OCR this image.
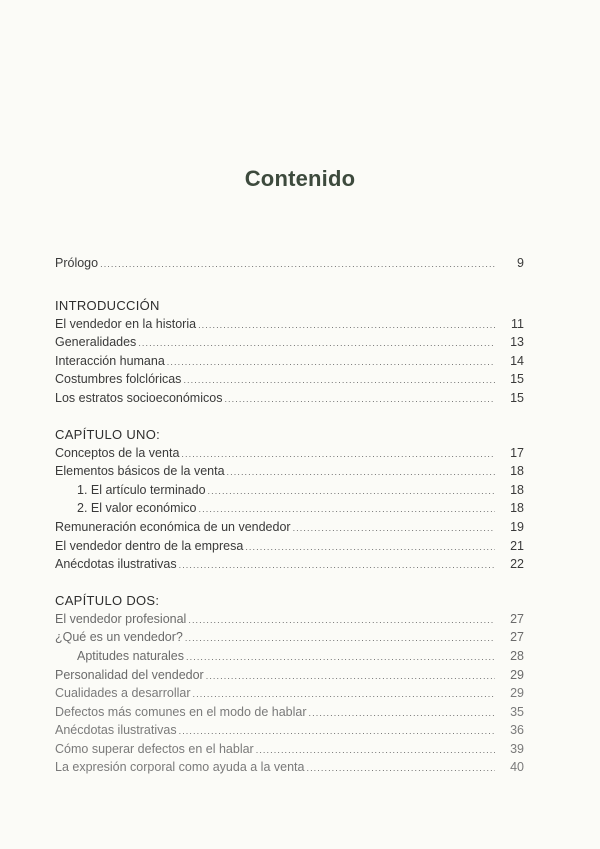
Contenido
Prólogo .....	9
INTRODUCCIÓN
El vendedor en la historia .....	11
Generalidades .....	13
Interacción humana .....	14
Costumbres folclóricas .....	15
Los estratos socioeconómicos .....	15
CAPÍTULO UNO:
Conceptos de la venta .....	17
Elementos básicos de la venta .....	18
1. El artículo terminado .....	18
2. El valor económico .....	18
Remuneración económica de un vendedor .....	19
El vendedor dentro de la empresa .....	21
Anécdotas ilustrativas .....	22
CAPÍTULO DOS:
El vendedor profesional .....	27
¿Qué es un vendedor? .....	27
Aptitudes naturales .....	28
Personalidad del vendedor .....	29
Cualidades a desarrollar .....	29
Defectos más comunes en el modo de hablar .....	35
Anécdotas ilustrativas .....	36
Cómo superar defectos en el hablar .....	39
La expresión corporal como ayuda a la venta .....	40
